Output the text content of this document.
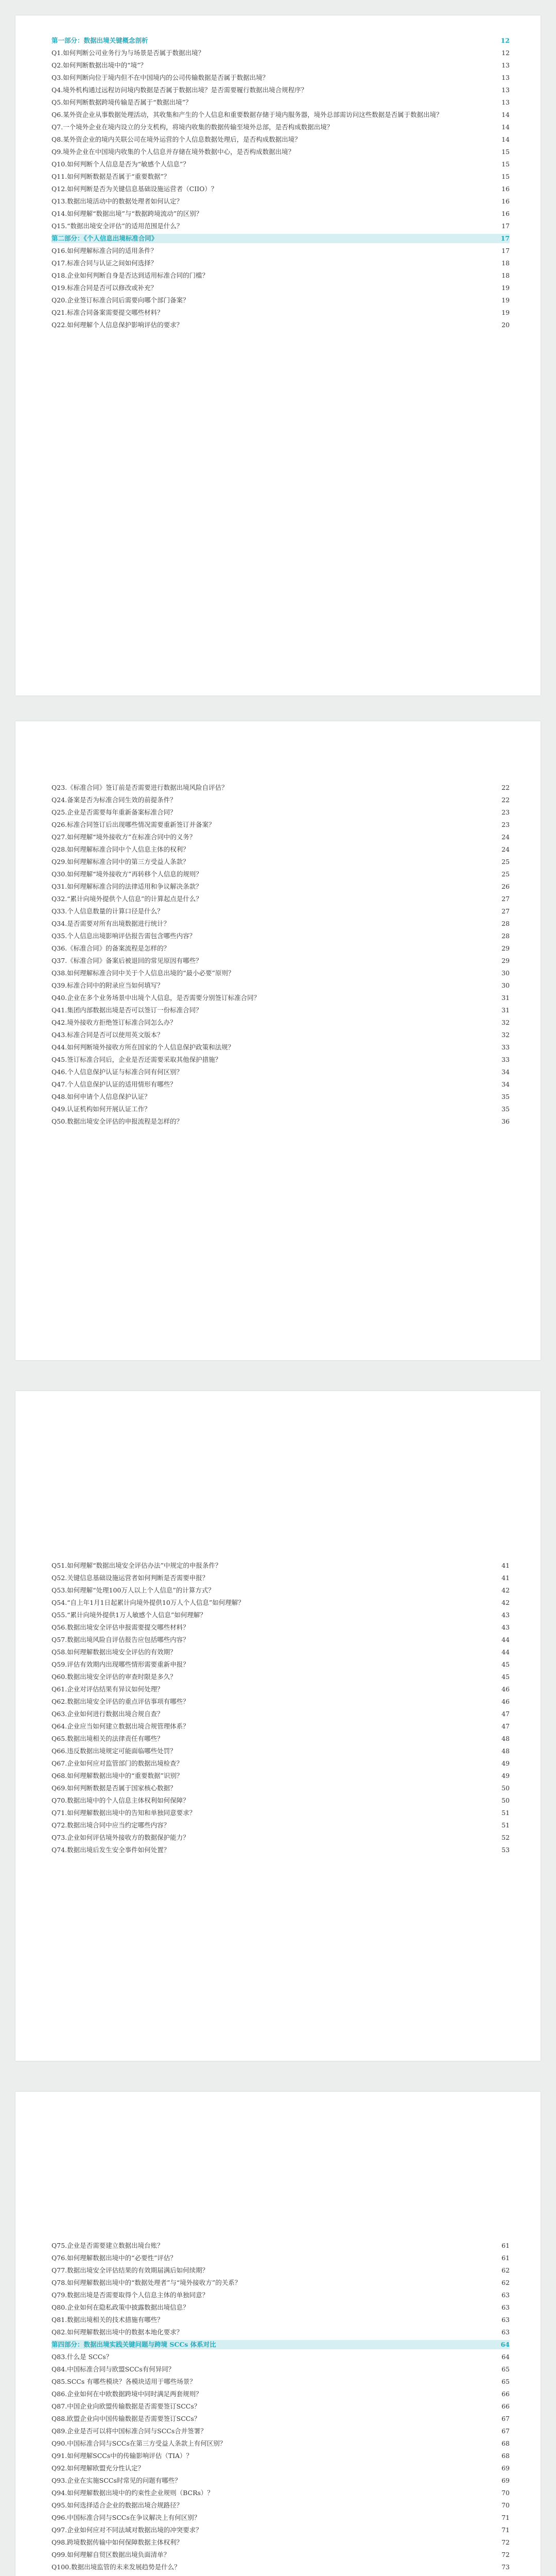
第一部分：数据出境关键概念剖析	12
Q1.如何判断公司业务行为与场景是否属于数据出境？	12
Q2.如何判断数据出境中的“境”？	13
Q3.如何判断向位于境内但不在中国境内的公司传输数据是否属于数据出境？	13
Q4.境外机构通过远程访问境内数据是否属于数据出境？是否需要履行数据出境合规程序？	13
Q5.如何判断数据跨境传输是否属于“数据出境”？	13
Q6.某外资企业从事数据处理活动，其收集和产生的个人信息和重要数据存储于境内服务器，境外总部需访问这些数据是否属于数据出境？	14
Q7.一个境外企业在境内设立的分支机构，将境内收集的数据传输至境外总部，是否构成数据出境？	14
Q8.某外资企业的境内关联公司在境外运营的个人信息数据处理后，是否构成数据出境？	14
Q9.境外企业在中国境内收集的个人信息并存储在境外数据中心，是否构成数据出境？	15
Q10.如何判断个人信息是否为“敏感个人信息”？	15
Q11.如何判断数据是否属于“重要数据”？	15
Q12.如何判断是否为关键信息基础设施运营者（CIIO）？	16
Q13.数据出境活动中的数据处理者如何认定？	16
Q14.如何理解“数据出境”与“数据跨境流动”的区别？	16
Q15.“数据出境安全评估”的适用范围是什么？	17
第二部分：《个人信息出境标准合同》	17
Q16.如何理解标准合同的适用条件？	17
Q17.标准合同与认证之间如何选择？	18
Q18.企业如何判断自身是否达到适用标准合同的门槛？	18
Q19.标准合同是否可以修改或补充？	19
Q20.企业签订标准合同后需要向哪个部门备案？	19
Q21.标准合同备案需要提交哪些材料？	19
Q22.如何理解个人信息保护影响评估的要求？	20
Q23.《标准合同》签订前是否需要进行数据出境风险自评估？	22
Q24.备案是否为标准合同生效的前提条件？	22
Q25.企业是否需要每年重新备案标准合同？	23
Q26.标准合同签订后出现哪些情况需要重新签订并备案？	23
Q27.如何理解“境外接收方”在标准合同中的义务？	24
Q28.如何理解标准合同中个人信息主体的权利？	24
Q29.如何理解标准合同中的第三方受益人条款？	25
Q30.如何理解“境外接收方”再转移个人信息的规则？	25
Q31.如何理解标准合同的法律适用和争议解决条款？	26
Q32.“累计向境外提供个人信息”的计算起点是什么？	27
Q33.个人信息数量的计算口径是什么？	27
Q34.是否需要对所有出境数据进行统计？	28
Q35.个人信息出境影响评估报告需包含哪些内容？	28
Q36.《标准合同》的备案流程是怎样的？	29
Q37.《标准合同》备案后被退回的常见原因有哪些？	29
Q38.如何理解标准合同中关于个人信息出境的“最小必要”原则？	30
Q39.标准合同中的附录应当如何填写？	30
Q40.企业在多个业务场景中出境个人信息，是否需要分别签订标准合同？	31
Q41.集团内部数据出境是否可以签订一份标准合同？	31
Q42.境外接收方拒绝签订标准合同怎么办？	32
Q43.标准合同是否可以使用英文版本？	32
Q44.如何判断境外接收方所在国家的个人信息保护政策和法规？	33
Q45.签订标准合同后，企业是否还需要采取其他保护措施？	33
Q46.个人信息保护认证与标准合同有何区别？	34
Q47.个人信息保护认证的适用情形有哪些？	34
Q48.如何申请个人信息保护认证？	35
Q49.认证机构如何开展认证工作？	35
Q50.数据出境安全评估的申报流程是怎样的？	36
Q51.如何理解“数据出境安全评估办法”中规定的申报条件？	41
Q52.关键信息基础设施运营者如何判断是否需要申报？	41
Q53.如何理解“处理100万人以上个人信息”的计算方式？	42
Q54.“自上年1月1日起累计向境外提供10万人个人信息”如何理解？	42
Q55.“累计向境外提供1万人敏感个人信息”如何理解？	43
Q56.数据出境安全评估申报需要提交哪些材料？	43
Q57.数据出境风险自评估报告应包括哪些内容？	44
Q58.如何理解数据出境安全评估的有效期？	44
Q59.评估有效期内出现哪些情形需要重新申报？	45
Q60.数据出境安全评估的审查时限是多久？	45
Q61.企业对评估结果有异议如何处理？	46
Q62.数据出境安全评估的重点评估事项有哪些？	46
Q63.企业如何进行数据出境合规自查？	47
Q64.企业应当如何建立数据出境合规管理体系？	47
Q65.数据出境相关的法律责任有哪些？	48
Q66.违反数据出境规定可能面临哪些处罚？	48
Q67.企业如何应对监管部门的数据出境检查？	49
Q68.如何理解数据出境中的“重要数据”识别？	49
Q69.如何判断数据是否属于国家核心数据？	50
Q70.数据出境中的个人信息主体权利如何保障？	50
Q71.如何理解数据出境中的告知和单独同意要求？	51
Q72.数据出境合同中应当约定哪些内容？	51
Q73.企业如何评估境外接收方的数据保护能力？	52
Q74.数据出境后发生安全事件如何处置？	53
Q75.企业是否需要建立数据出境台账？	61
Q76.如何理解数据出境中的“必要性”评估？	61
Q77.数据出境安全评估结果的有效期届满后如何续期？	62
Q78.如何理解数据出境中的“数据处理者”与“境外接收方”的关系？	62
Q79.数据出境是否需要取得个人信息主体的单独同意？	63
Q80.企业如何在隐私政策中披露数据出境信息？	63
Q81.数据出境相关的技术措施有哪些？	63
Q82.如何理解数据出境中的数据本地化要求？	63
第四部分：数据出境实践关键问题与跨境 SCCs 体系对比	64
Q83.什么是 SCCs？	64
Q84.中国标准合同与欧盟SCCs有何异同？	65
Q85.SCCs 有哪些模块？各模块适用于哪些场景？	65
Q86.企业如何在中欧数据跨境中同时满足两套规则？	66
Q87.中国企业向欧盟传输数据是否需要签订SCCs？	66
Q88.欧盟企业向中国传输数据是否需要签订SCCs？	67
Q89.企业是否可以将中国标准合同与SCCs合并签署？	67
Q90.中国标准合同与SCCs在第三方受益人条款上有何区别？	68
Q91.如何理解SCCs中的传输影响评估（TIA）？	68
Q92.如何理解欧盟充分性认定？	69
Q93.企业在实施SCCs时常见的问题有哪些？	69
Q94.如何理解数据出境中的约束性企业规则（BCRs）？	70
Q95.如何选择适合企业的数据出境合规路径？	70
Q96.中国标准合同与SCCs在争议解决上有何区别？	71
Q97.企业如何应对不同法域对数据出境的冲突要求？	71
Q98.跨境数据传输中如何保障数据主体权利？	72
Q99.如何理解自贸区数据出境负面清单？	72
Q100.数据出境监管的未来发展趋势是什么？	73
